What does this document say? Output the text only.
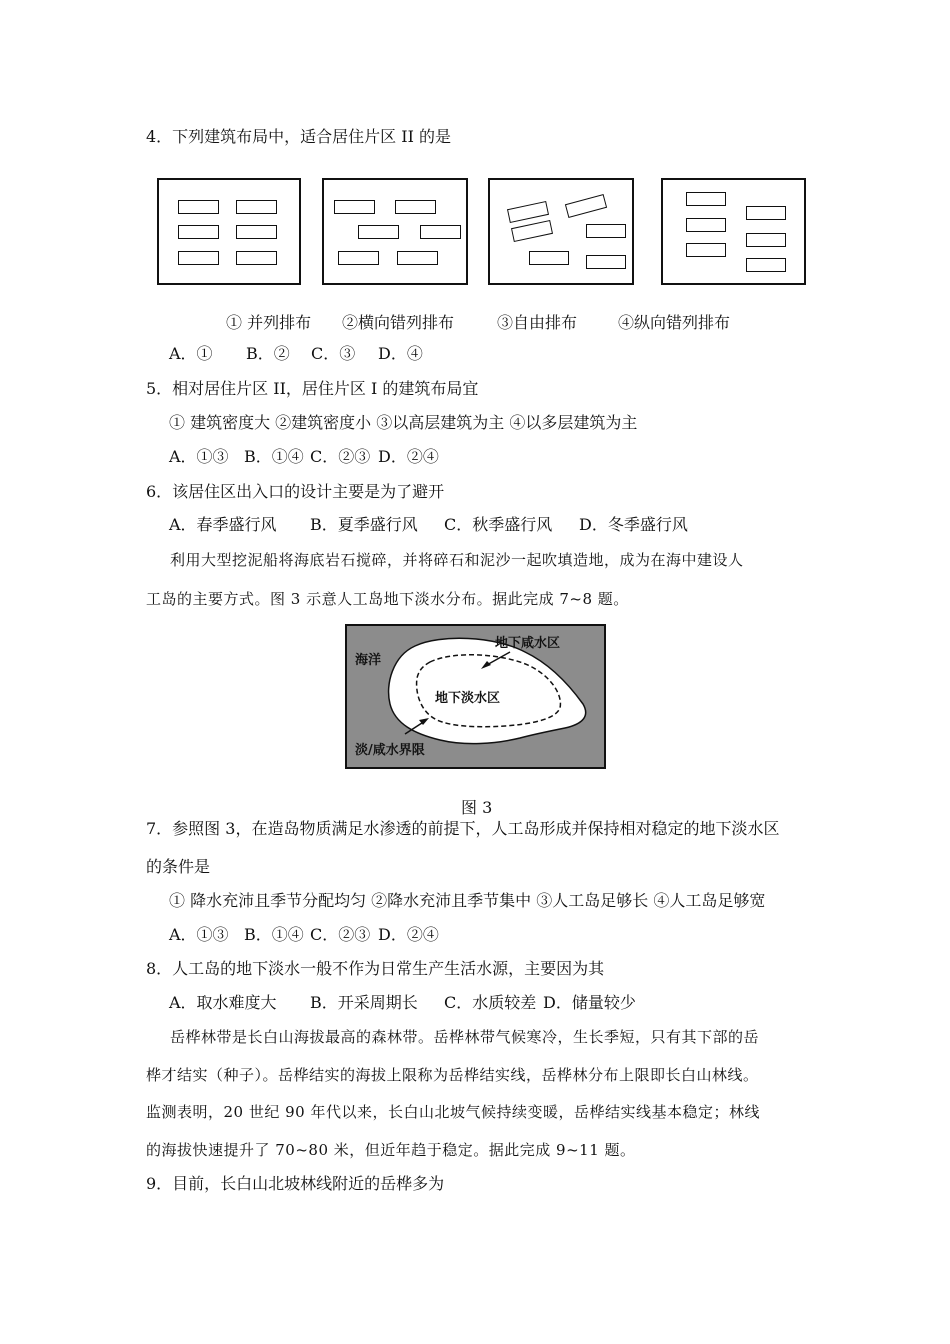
4．下列建筑布局中，适合居住片区 II 的是
① 并列排布 ②横向错列排布	③自由排布	④纵向错列排布
A．① B．② C．③ D．④
5．相对居住片区 II，居住片区 I 的建筑布局宜
① 建筑密度大 ②建筑密度小 ③以高层建筑为主 ④以多层建筑为主
A．①③ B．①④ C．②③ D．②④
6．该居住区出入口的设计主要是为了避开
A．春季盛行风 B．夏季盛行风 C．秋季盛行风 D．冬季盛行风
利用大型挖泥船将海底岩石搅碎，并将碎石和泥沙一起吹填造地，成为在海中建设人
工岛的主要方式。图 3 示意人工岛地下淡水分布。据此完成 7~8 题。
海洋
地下咸水区
地下淡水区
淡/咸水界限
图 3
7．参照图 3，在造岛物质满足水渗透的前提下，人工岛形成并保持相对稳定的地下淡水区
的条件是
① 降水充沛且季节分配均匀 ②降水充沛且季节集中 ③人工岛足够长 ④人工岛足够宽
A．①③ B．①④ C．②③ D．②④
8．人工岛的地下淡水一般不作为日常生产生活水源，主要因为其
A．取水难度大 B．开采周期长 C．水质较差 D．储量较少
岳桦林带是长白山海拔最高的森林带。岳桦林带气候寒冷，生长季短，只有其下部的岳
桦才结实（种子）。岳桦结实的海拔上限称为岳桦结实线，岳桦林分布上限即长白山林线。
监测表明，20 世纪 90 年代以来，长白山北坡气候持续变暖，岳桦结实线基本稳定；林线
的海拔快速提升了 70~80 米，但近年趋于稳定。据此完成 9~11 题。
9．目前，长白山北坡林线附近的岳桦多为
